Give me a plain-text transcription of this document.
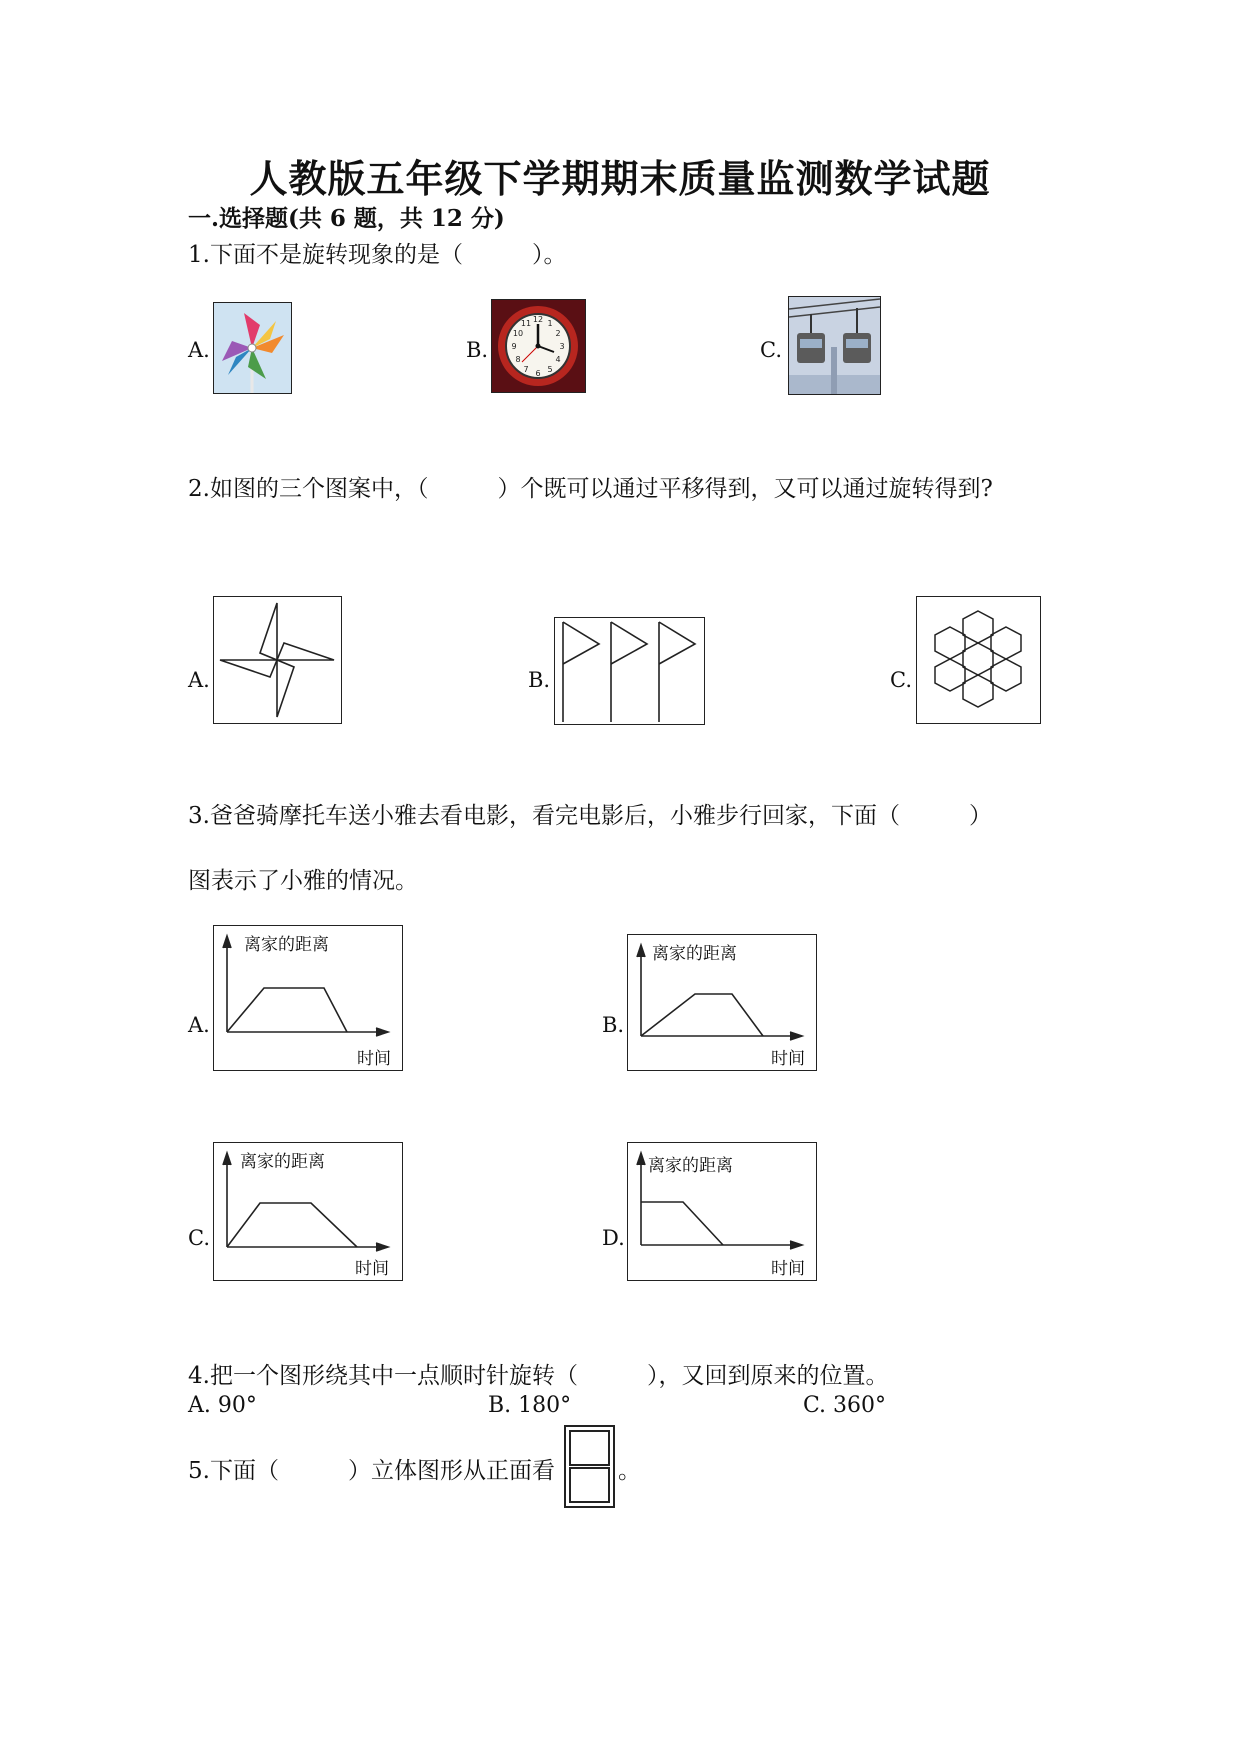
人教版五年级下学期期末质量监测数学试题
一.选择题(共 6 题，共 12 分)
1.下面不是旋转现象的是（　　　）。
A.	B.
12
3
6
9
1
2
4
5
7
8
10
11
C.
2.如图的三个图案中，（　　　）个既可以通过平移得到，又可以通过旋转得到?
A.	B.	C.
3.爸爸骑摩托车送小雅去看电影，看完电影后，小雅步行回家，下面（　　　）
图表示了小雅的情况。
A.
离家的距离
时间
B.
离家的距离
时间
C.
离家的距离
时间
D.
离家的距离
时间
4.把一个图形绕其中一点顺时针旋转（　　　），又回到原来的位置。
A. 90°	B. 180°	C. 360°
5.下面（　　　）立体图形从正面看	。
